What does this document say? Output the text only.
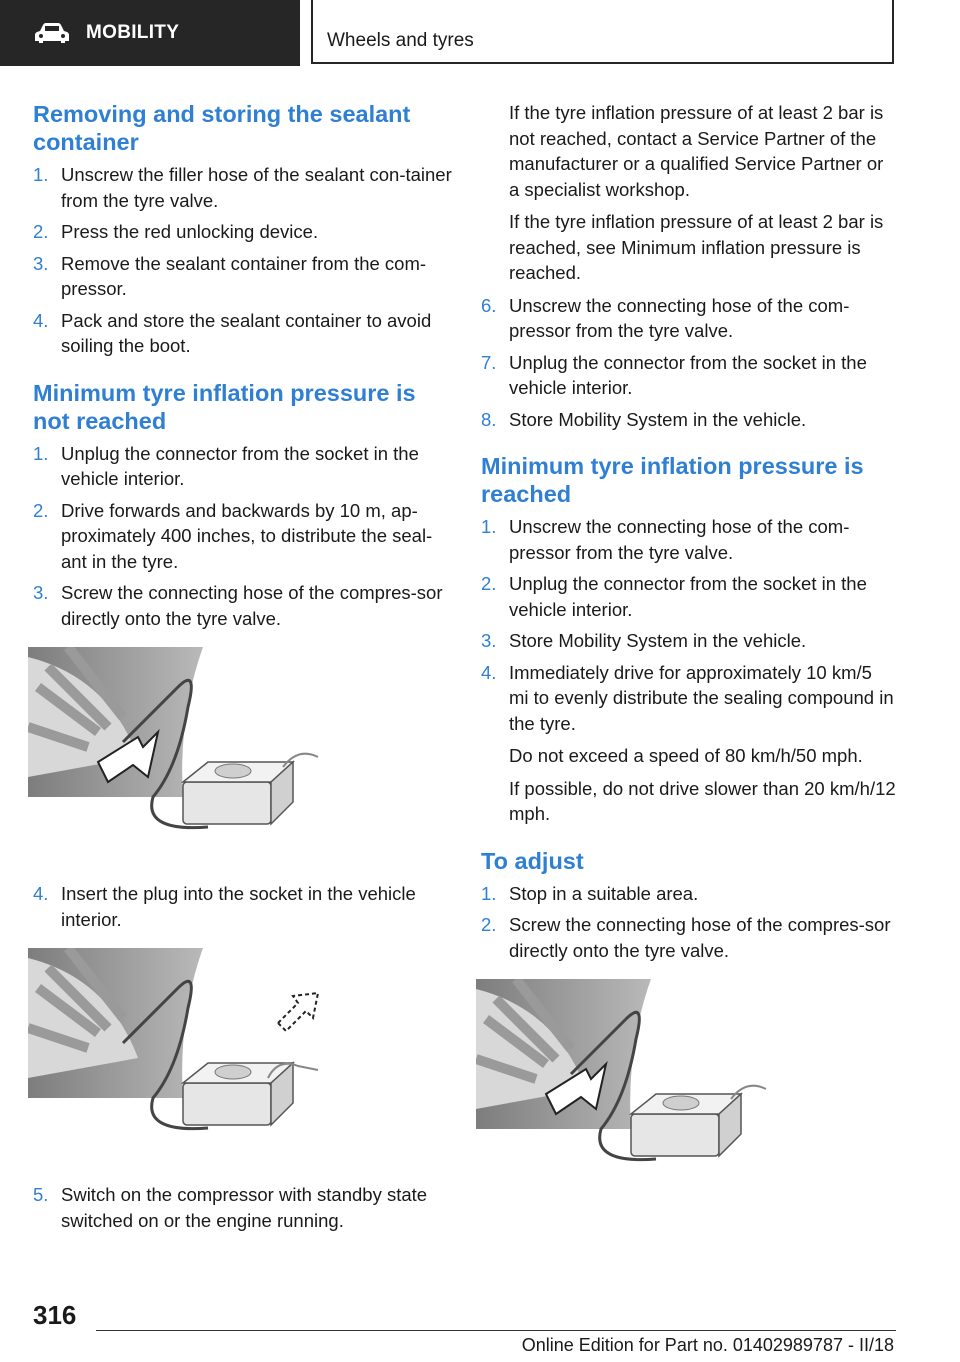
MOBILITY	Wheels and tyres
Removing and storing the sealant container
1. Unscrew the filler hose of the sealant con-tainer from the tyre valve.

2. Press the red unlocking device.

3. Remove the sealant container from the com-pressor.

4. Pack and store the sealant container to avoid soiling the boot.

Minimum tyre inflation pressure is not reached
1. Unplug the connector from the socket in the vehicle interior.

2. Drive forwards and backwards by 10 m, ap-proximately 400 inches, to distribute the seal-ant in the tyre.

3. Screw the connecting hose of the compres-sor directly onto the tyre valve.

4. Insert the plug into the socket in the vehicle interior.

5. Switch on the compressor with standby state switched on or the engine running.

If the tyre inflation pressure of at least 2 bar is not reached, contact a Service Partner of the manufacturer or a qualified Service Partner or a specialist workshop.

If the tyre inflation pressure of at least 2 bar is reached, see Minimum inflation pressure is reached.

6. Unscrew the connecting hose of the com-pressor from the tyre valve.

7. Unplug the connector from the socket in the vehicle interior.

8. Store Mobility System in the vehicle.

Minimum tyre inflation pressure is reached
1. Unscrew the connecting hose of the com-pressor from the tyre valve.

2. Unplug the connector from the socket in the vehicle interior.

3. Store Mobility System in the vehicle.

4. Immediately drive for approximately 10 km/5 mi to evenly distribute the sealing compound in the tyre.

Do not exceed a speed of 80 km/h/50 mph.

If possible, do not drive slower than 20 km/h/12 mph.

To adjust
1. Stop in a suitable area.

2. Screw the connecting hose of the compres-sor directly onto the tyre valve.

316
Online Edition for Part no. 01402989787 - II/18
